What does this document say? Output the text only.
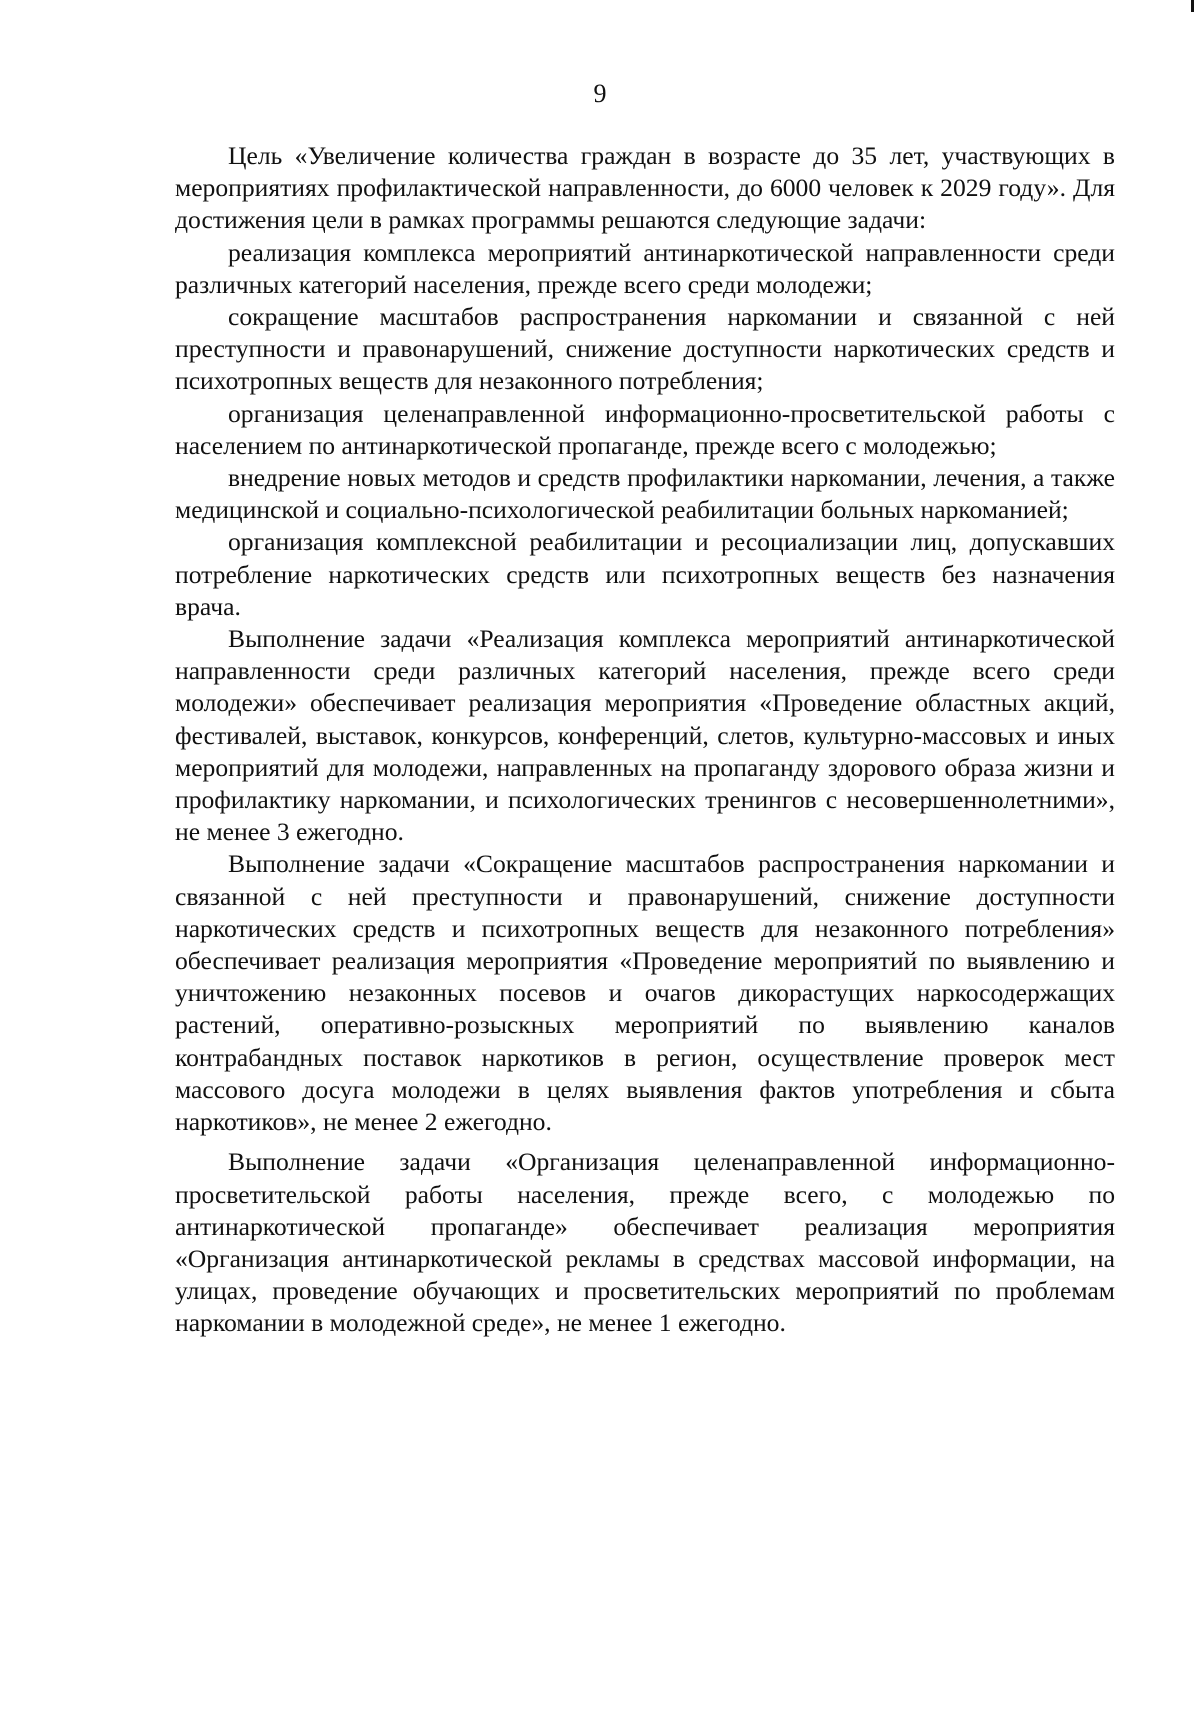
9

Цель «Увеличение количества граждан в возрасте до 35 лет, участвующих в мероприятиях профилактической направленности, до 6000 человек к 2029 году». Для достижения цели в рамках программы решаются следующие задачи:

реализация комплекса мероприятий антинаркотической направленности среди различных категорий населения, прежде всего среди молодежи;

сокращение масштабов распространения наркомании и связанной с ней преступности и правонарушений, снижение доступности наркотических средств и психотропных веществ для незаконного потребления;

организация целенаправленной информационно-просветительской работы с населением по антинаркотической пропаганде, прежде всего с молодежью;

внедрение новых методов и средств профилактики наркомании, лечения, а также медицинской и социально-психологической реабилитации больных наркоманией;

организация комплексной реабилитации и ресоциализации лиц, допускавших потребление наркотических средств или психотропных веществ без назначения врача.

Выполнение задачи «Реализация комплекса мероприятий антинаркотической направленности среди различных категорий населения, прежде всего среди молодежи» обеспечивает реализация мероприятия «Проведение областных акций, фестивалей, выставок, конкурсов, конференций, слетов, культурно-массовых и иных мероприятий для молодежи, направленных на пропаганду здорового образа жизни и профилактику наркомании, и психологических тренингов с несовершеннолетними», не менее 3 ежегодно.

Выполнение задачи «Сокращение масштабов распространения наркомании и связанной с ней преступности и правонарушений, снижение доступности наркотических средств и психотропных веществ для незаконного потребления» обеспечивает реализация мероприятия «Проведение мероприятий по выявлению и уничтожению незаконных посевов и очагов дикорастущих наркосодержащих растений, оперативно-розыскных мероприятий по выявлению каналов контрабандных поставок наркотиков в регион, осуществление проверок мест массового досуга молодежи в целях выявления фактов употребления и сбыта наркотиков», не менее 2 ежегодно.

Выполнение задачи «Организация целенаправленной информационно-просветительской работы населения, прежде всего, с молодежью по антинаркотической пропаганде» обеспечивает реализация мероприятия «Организация антинаркотической рекламы в средствах массовой информации, на улицах, проведение обучающих и просветительских мероприятий по проблемам наркомании в молодежной среде», не менее 1 ежегодно.
